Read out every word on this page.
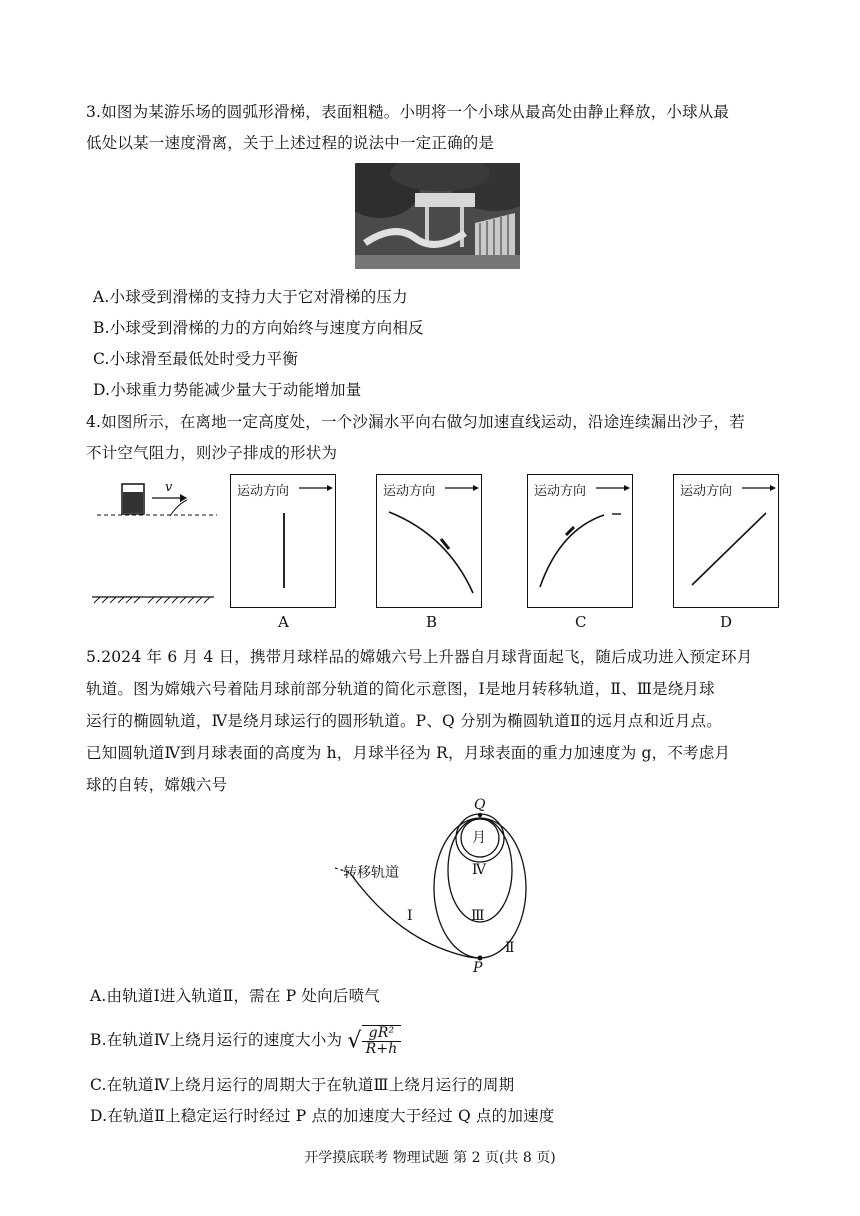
3.如图为某游乐场的圆弧形滑梯，表面粗糙。小明将一个小球从最高处由静止释放，小球从最
低处以某一速度滑离，关于上述过程的说法中一定正确的是
A.小球受到滑梯的支持力大于它对滑梯的压力
B.小球受到滑梯的力的方向始终与速度方向相反
C.小球滑至最低处时受力平衡
D.小球重力势能减少量大于动能增加量
4.如图所示，在离地一定高度处，一个沙漏水平向右做匀加速直线运动，沿途连续漏出沙子，若
不计空气阻力，则沙子排成的形状为
v	运动方向	运动方向	运动方向	运动方向
A	B	C	D
5.2024 年 6 月 4 日，携带月球样品的嫦娥六号上升器自月球背面起飞，随后成功进入预定环月
轨道。图为嫦娥六号着陆月球前部分轨道的简化示意图，Ⅰ是地月转移轨道，Ⅱ、Ⅲ是绕月球
运行的椭圆轨道，Ⅳ是绕月球运行的圆形轨道。P、Q 分别为椭圆轨道Ⅱ的远月点和近月点。
已知圆轨道Ⅳ到月球表面的高度为 h，月球半径为 R，月球表面的重力加速度为 g，不考虑月
球的自转，嫦娥六号
转移轨道
月
Q
P
Ⅰ
Ⅱ
Ⅲ
Ⅳ
A.由轨道Ⅰ进入轨道Ⅱ，需在 P 处向后喷气
B.在轨道Ⅳ上绕月运行的速度大小为 √ $\frac{\text{gR²}}{R+h}$
C.在轨道Ⅳ上绕月运行的周期大于在轨道Ⅲ上绕月运行的周期
D.在轨道Ⅱ上稳定运行时经过 P 点的加速度大于经过 Q 点的加速度
开学摸底联考 物理试题 第 2 页(共 8 页)
